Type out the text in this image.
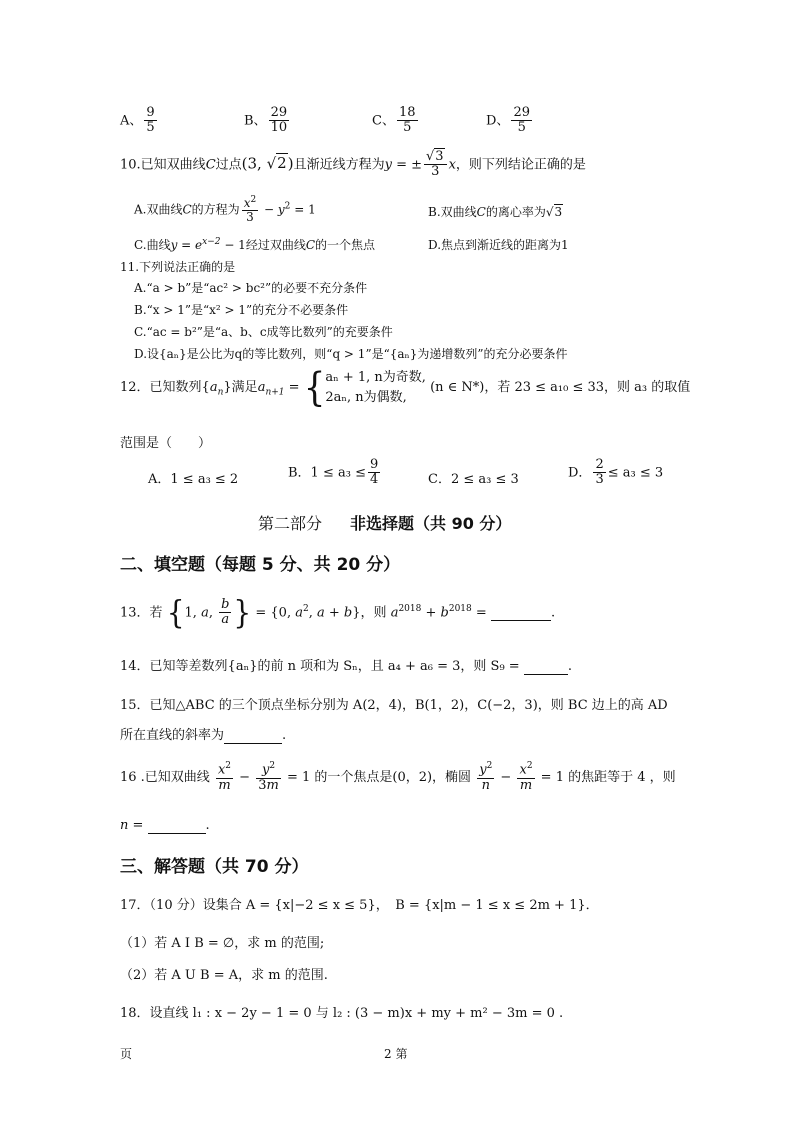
A、 $\frac{9}{5}$	B、 $\frac{29}{10}$	C、 $\frac{18}{5}$	D、 $\frac{29}{5}$
10.已知双曲线C过点(3, √2)且渐近线方程为y = ± $\frac{√3}{3}$ x，则下列结论正确的是
A.双曲线C的方程为 $\frac{x^2}{3} - y^2 = 1$	B.双曲线C的离心率为√3
C.曲线$y = e^{x-2} - 1$经过双曲线C的一个焦点	D.焦点到渐近线的距离为1
11.下列说法正确的是
A.“a > b”是“ac² > bc²”的必要不充分条件
B.“x > 1”是“x² > 1”的充分不必要条件
C.“ac = b²”是“a、b、c成等比数列”的充要条件
D.设{aₙ}是公比为q的等比数列，则“q > 1”是“{aₙ}为递增数列”的充分必要条件
12．已知数列$\{a_n\}$满足$a_{n+1}$ = { aₙ + 1, n为奇数,
2aₙ, n为偶数,
(n ∈ N*)，若 23 ≤ a₁₀ ≤ 33，则 a₃ 的取值
范围是（　　）
A．1 ≤ a₃ ≤ 2	B．$1 \le a_3 \le \frac{9}{4}$	C．2 ≤ a₃ ≤ 3	D． $\frac{2}{3} \le a_3 \le 3$
第二部分 非选择题（共 90 分）
二、填空题（每题 5 分、共 20 分）
13．若 {1, a, $\frac{b}{a}$ } = {0, $a^2$, a + b}，则 $a^{2018} + b^{2018}$ =	.
14．已知等差数列{aₙ}的前 n 项和为 Sₙ，且 a₄ + a₆ = 3，则 S₉ =	.
15．已知△ABC 的三个顶点坐标分别为 A(2，4)，B(1，2)，C(−2，3)，则 BC 边上的高 AD
所在直线的斜率为	.
16 .已知双曲线 $\frac{x^2}{m} - \frac{y^2}{3m} = 1$ 的一个焦点是(0，2)，椭圆 $\frac{y^2}{n} - \frac{x^2}{m} = 1$ 的焦距等于 4 ，则
n =	.
三、解答题（共 70 分）
17．（10 分）设集合 A = {x|−2 ≤ x ≤ 5}，　B = {x|m − 1 ≤ x ≤ 2m + 1}．
（1）若 A I B = ∅，求 m 的范围;
（2）若 A U B = A，求 m 的范围.
18．设直线 l₁ : x − 2y − 1 = 0 与 l₂ : (3 − m)x + my + m² − 3m = 0 .
页	2 第
